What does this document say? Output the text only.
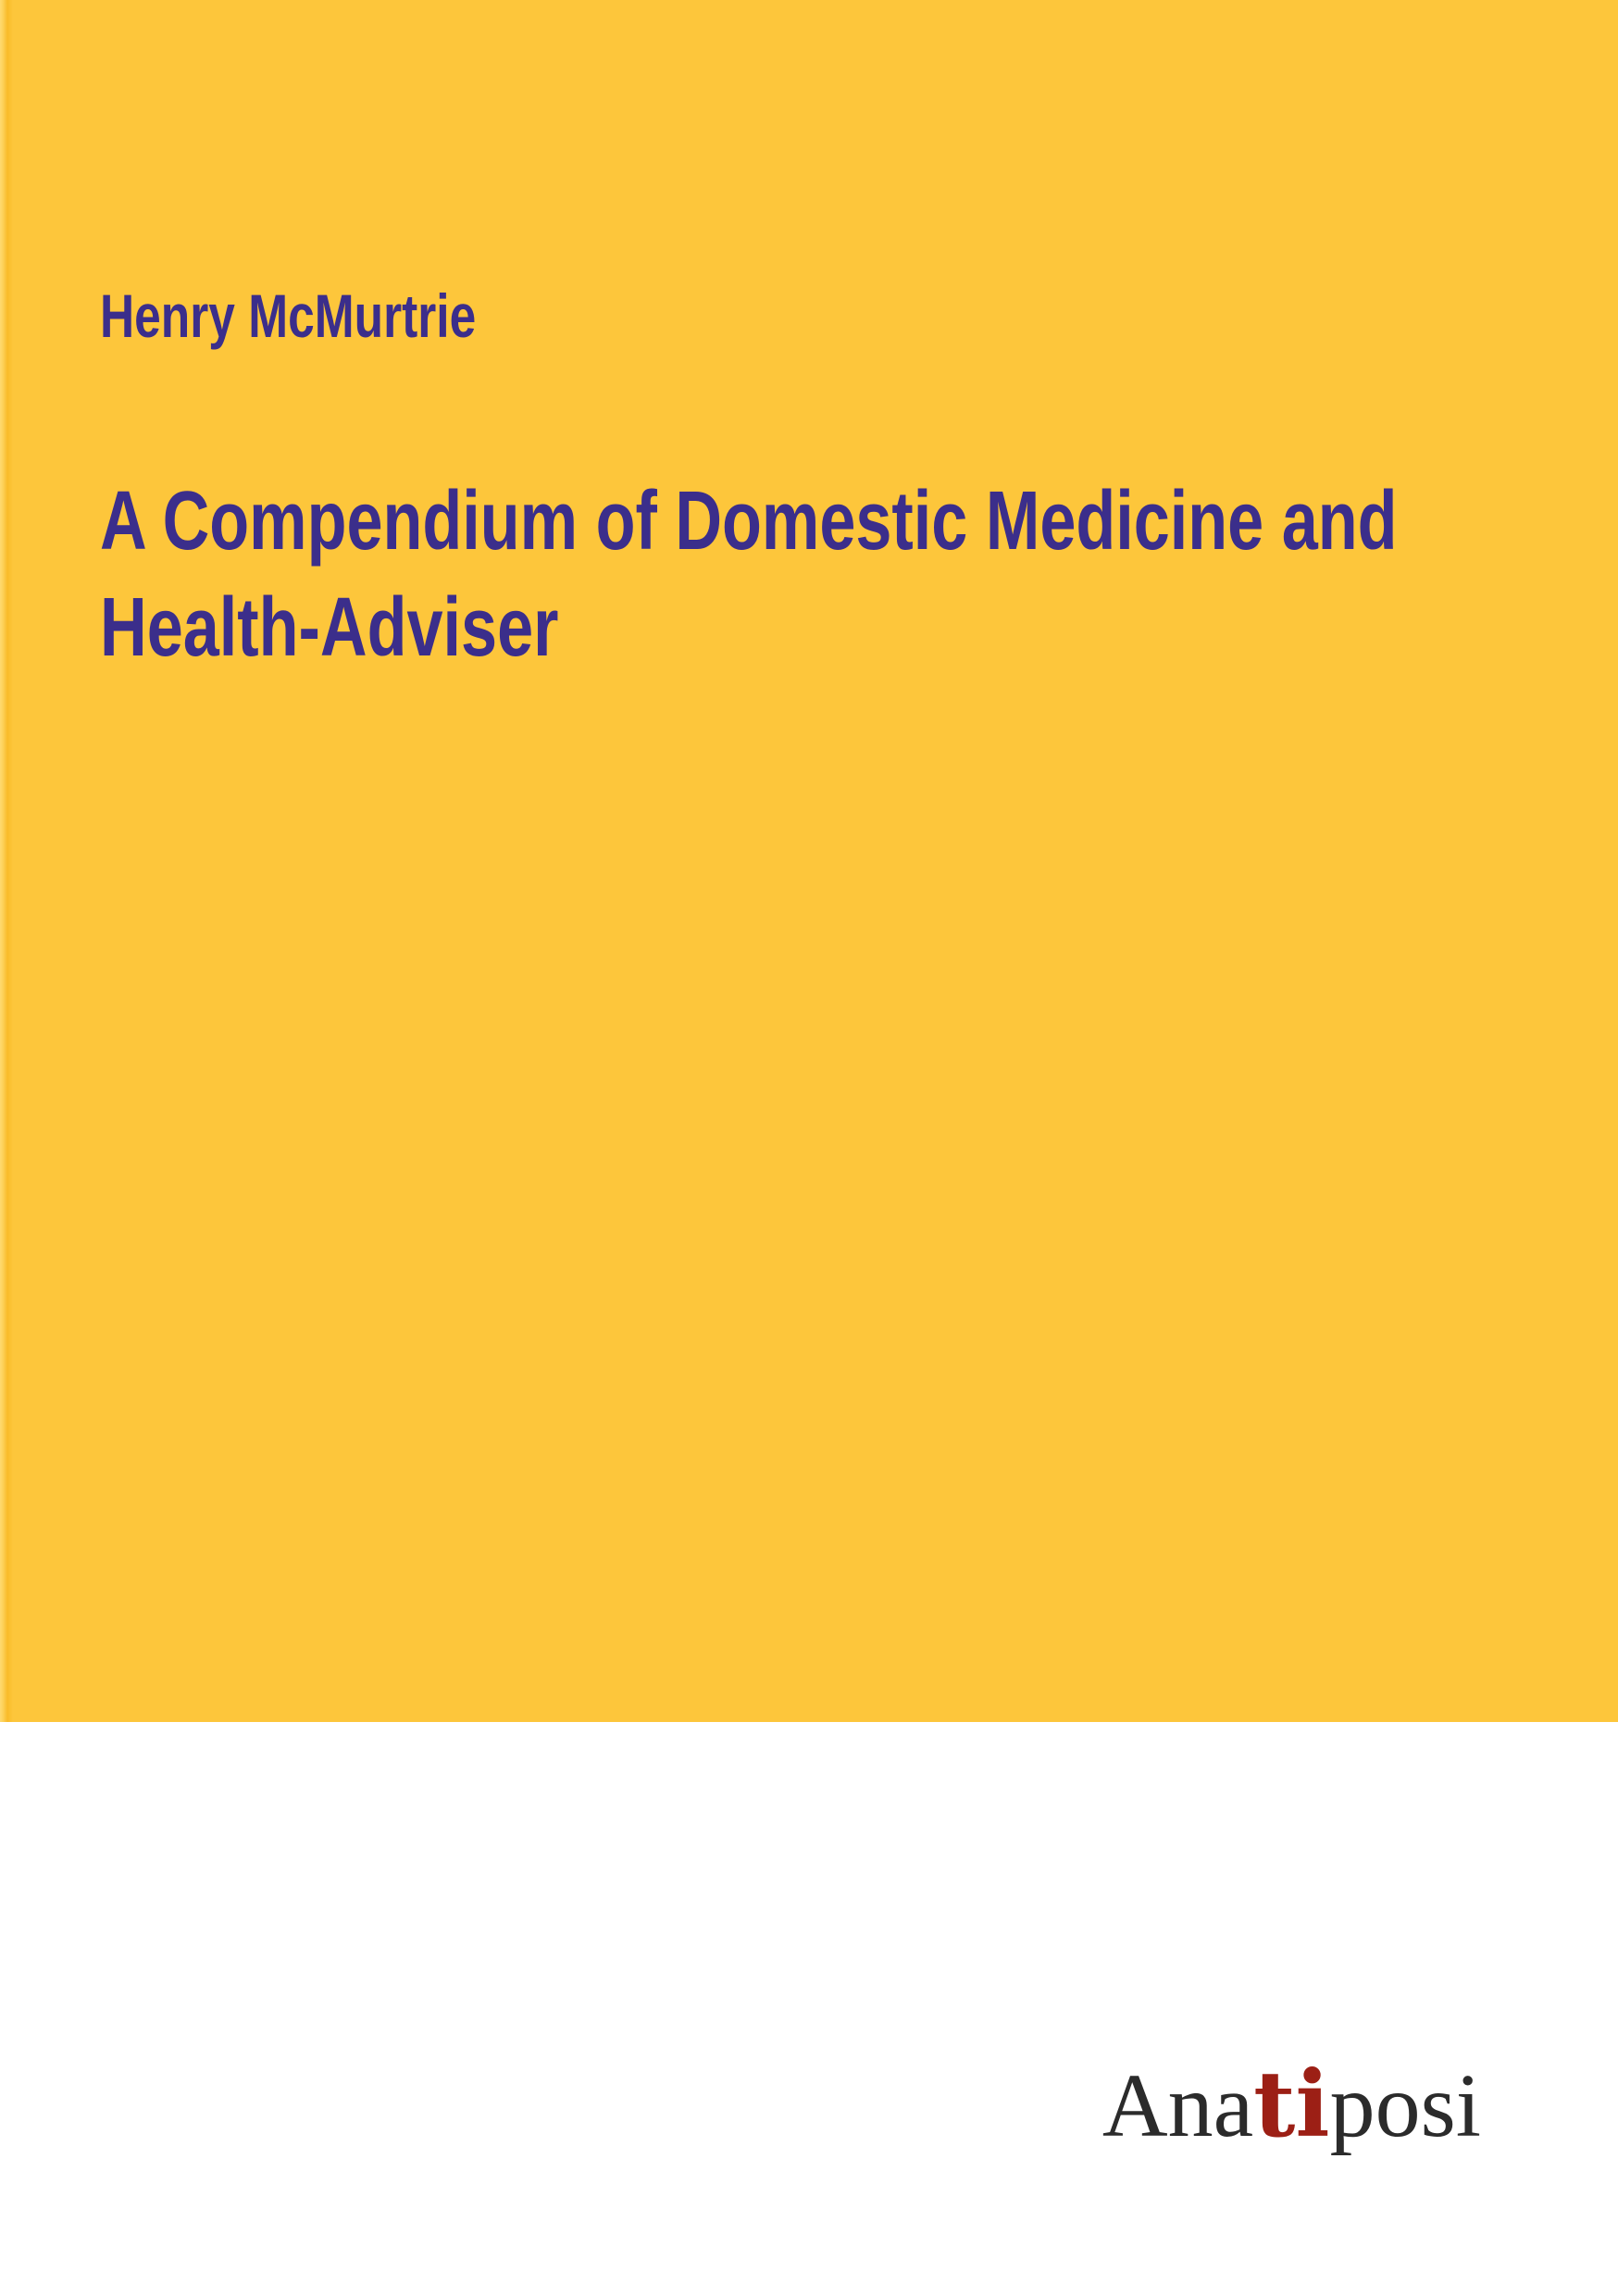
Henry McMurtrie
A Compendium of Domestic Medicine and Health-Adviser
Anatiposi
